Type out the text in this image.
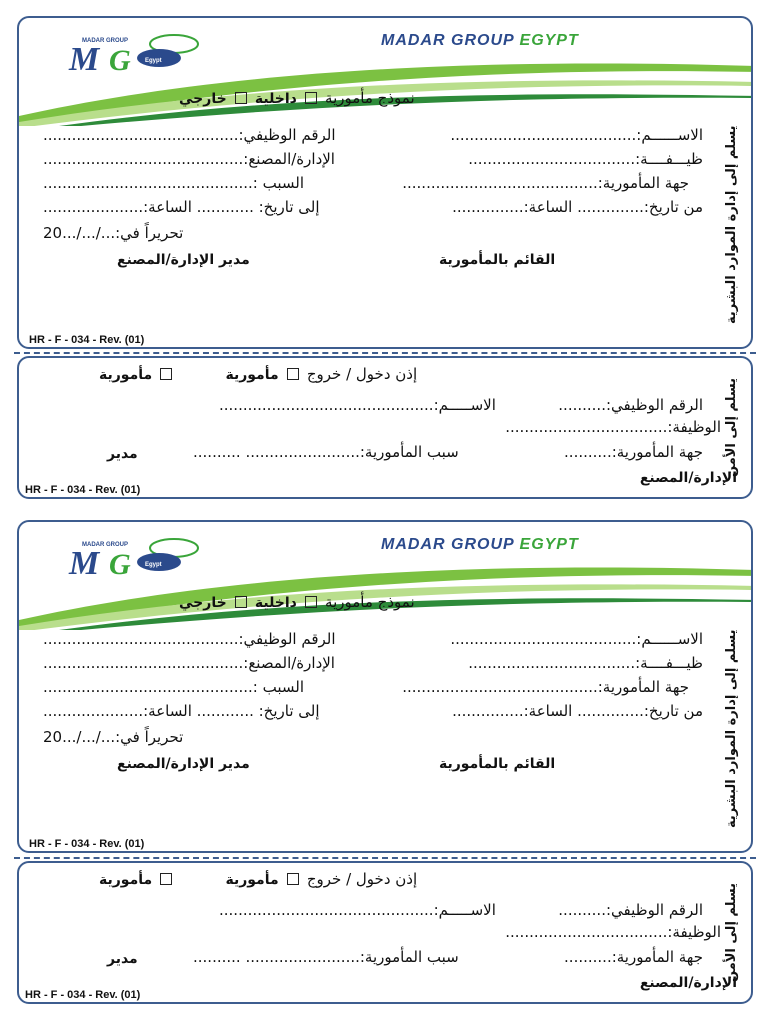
M G
MADAR GROUP
Egypt
MADAR GROUP EGYPT
نموذج مأمورية  داخلية  خارجي
الاســــــم:.......................................
الرقم الوظيفي:.........................................
ظيـــفــــة:...................................
الإدارة/المصنع:..........................................
جهة المأمورية:.........................................
السبب :............................................
من تاريخ:.............. الساعة:...............
إلى تاريخ: ............ الساعة:.....................
تحريراً في:.../.../...20
مدير الإدارة/المصنع	القائم بالمأمورية	يسلم إلى إدارة الموارد البشرية
HR - F - 034 - Rev. (01)
إذن دخول / خروج  مأمورية   مأمورية
الرقم الوظيفي:..........
الاســـــم:.............................................
الوظيفة:..................................
جهة المأمورية:..........
سبب المأمورية:........................ ..........
مدير
الإدارة/المصنع
يسلم إلى الأمن
HR - F - 034 - Rev. (01)
M G
MADAR GROUP
Egypt
MADAR GROUP EGYPT
نموذج مأمورية  داخلية  خارجي
الاســــــم:.......................................
الرقم الوظيفي:.........................................
ظيـــفــــة:...................................
الإدارة/المصنع:..........................................
جهة المأمورية:.........................................
السبب :............................................
من تاريخ:.............. الساعة:...............
إلى تاريخ: ............ الساعة:.....................
تحريراً في:.../.../...20
مدير الإدارة/المصنع	القائم بالمأمورية	يسلم إلى إدارة الموارد البشرية
HR - F - 034 - Rev. (01)
إذن دخول / خروج  مأمورية   مأمورية
الرقم الوظيفي:..........
الاســـــم:.............................................
الوظيفة:..................................
جهة المأمورية:..........
سبب المأمورية:........................ ..........
مدير
الإدارة/المصنع
يسلم إلى الأمن
HR - F - 034 - Rev. (01)
